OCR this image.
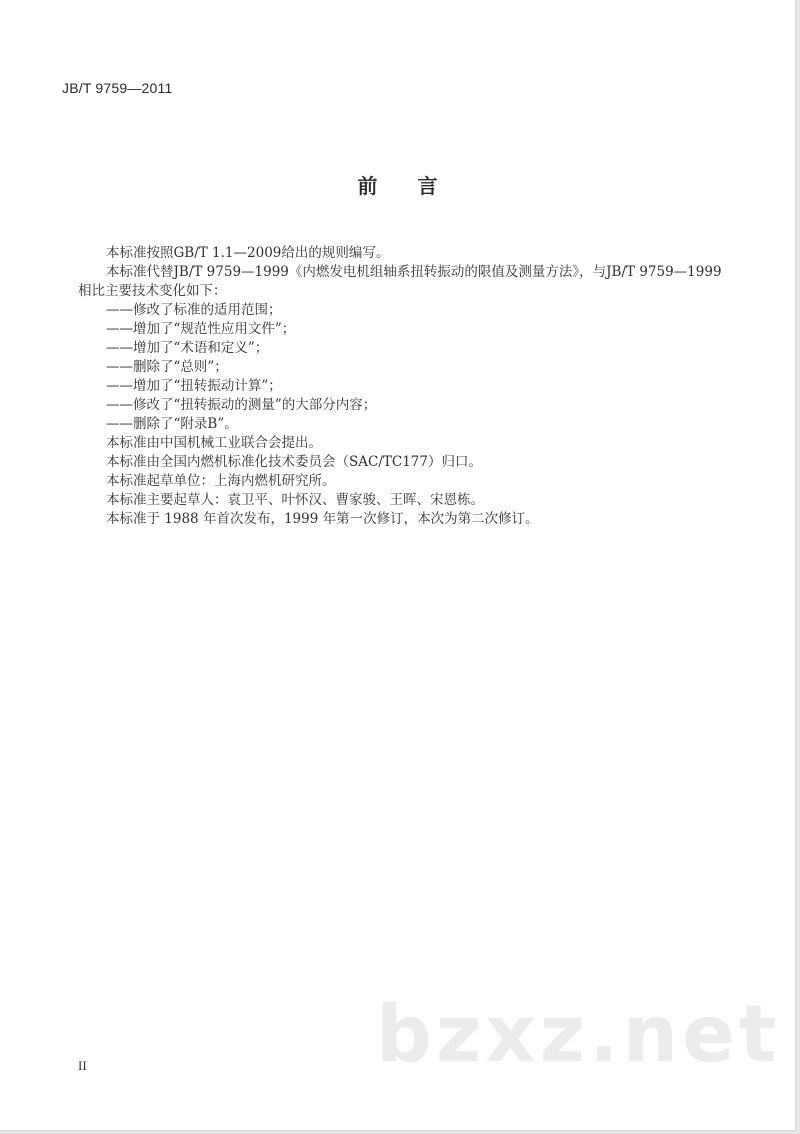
JB/T 9759—2011
前言
本标准按照GB/T 1.1—2009给出的规则编写。
本标准代替JB/T 9759—1999《内燃发电机组轴系扭转振动的限值及测量方法》，与JB/T 9759—1999
相比主要技术变化如下：
——修改了标准的适用范围；
——增加了“规范性应用文件”；
——增加了“术语和定义”；
——删除了“总则”；
——增加了“扭转振动计算”；
——修改了“扭转振动的测量”的大部分内容；
——删除了“附录B”。
本标准由中国机械工业联合会提出。
本标准由全国内燃机标准化技术委员会（SAC/TC177）归口。
本标准起草单位：上海内燃机研究所。
本标准主要起草人：袁卫平、叶怀汉、曹家骏、王晖、宋恩栋。
本标准于 1988 年首次发布，1999 年第一次修订，本次为第二次修订。
bzxz.net
II
